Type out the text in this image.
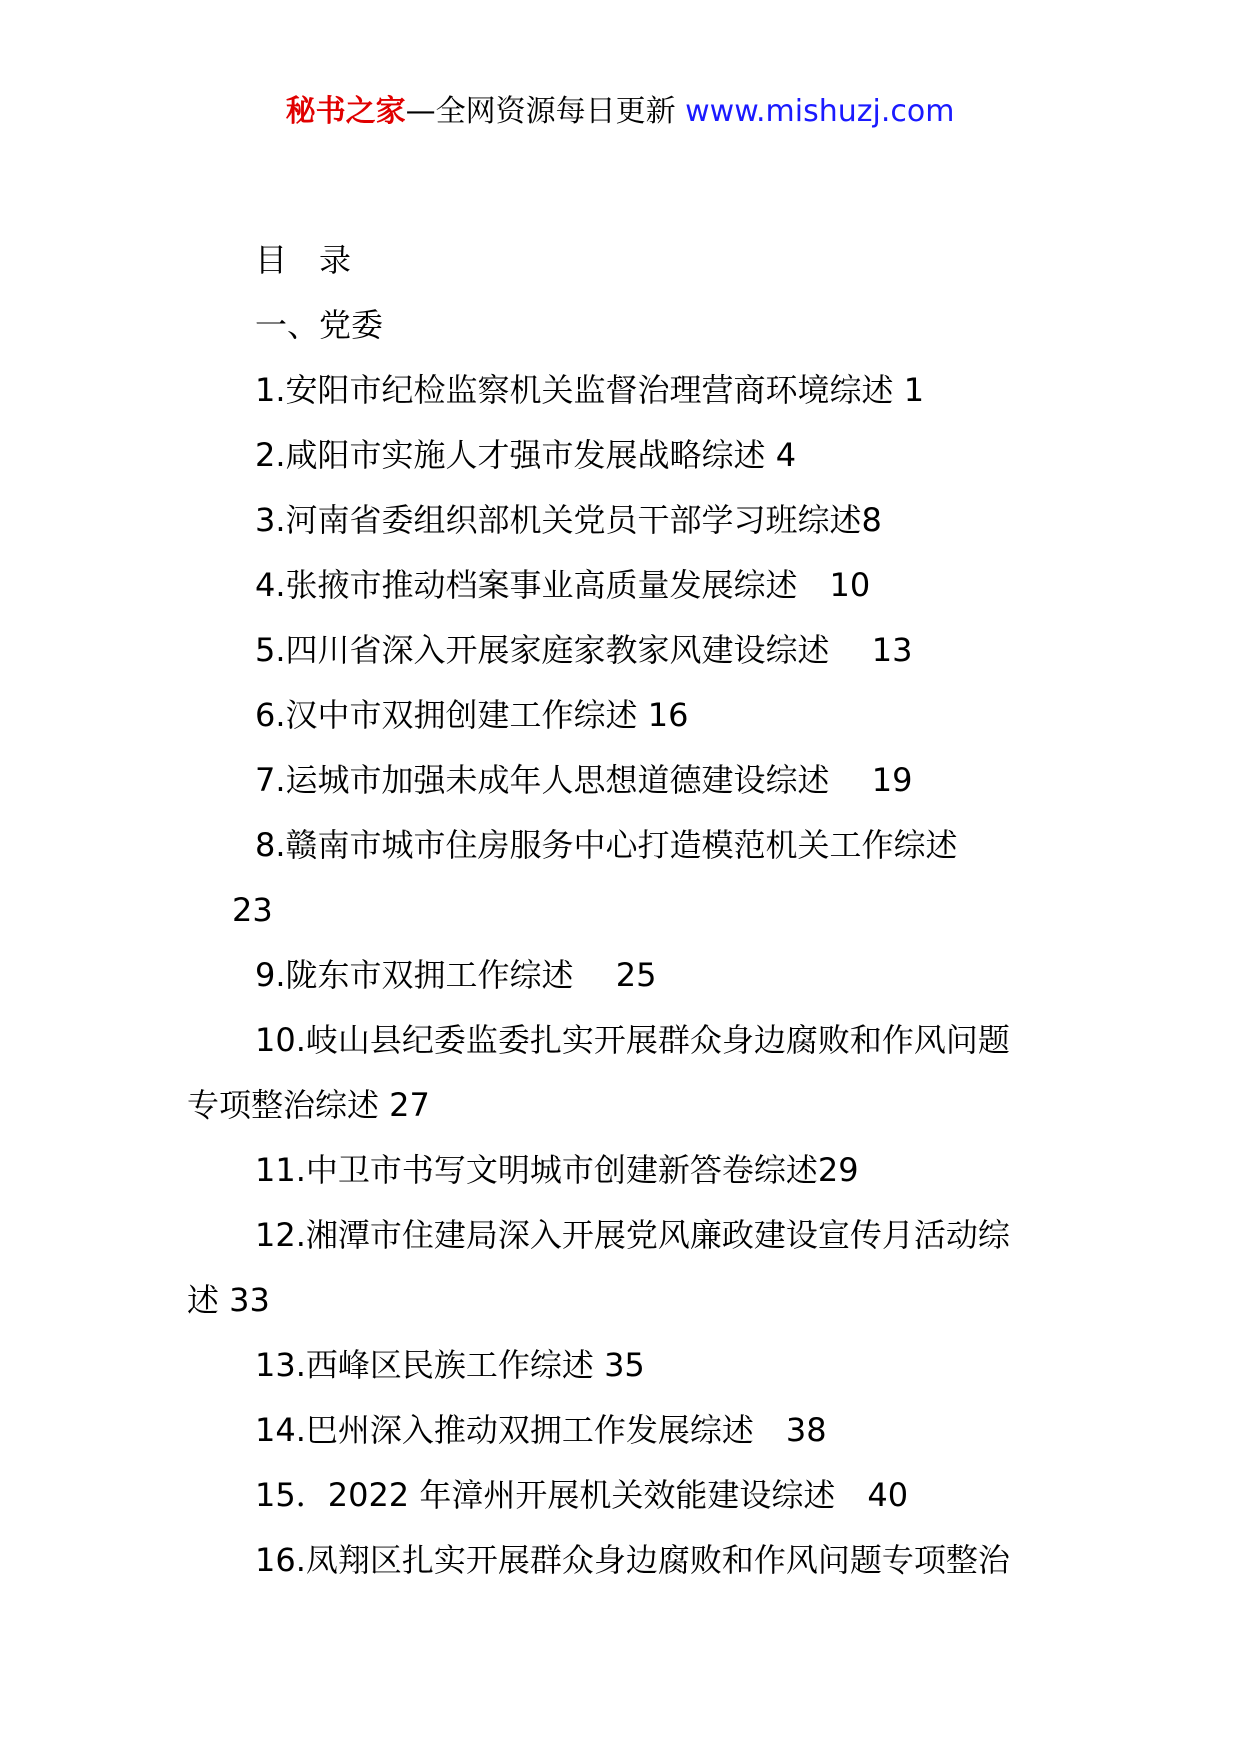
秘书之家—全网资源每日更新 www.mishuzj.com
目　录
一、党委
1.安阳市纪检监察机关监督治理营商环境综述 1
2.咸阳市实施人才强市发展战略综述 4
3.河南省委组织部机关党员干部学习班综述8
4.张掖市推动档案事业高质量发展综述　10
5.四川省深入开展家庭家教家风建设综述　 13
6.汉中市双拥创建工作综述 16
7.运城市加强未成年人思想道德建设综述　 19
8.赣南市城市住房服务中心打造模范机关工作综述
23
9.陇东市双拥工作综述　 25
10.岐山县纪委监委扎实开展群众身边腐败和作风问题
专项整治综述 27
11.中卫市书写文明城市创建新答卷综述29
12.湘潭市住建局深入开展党风廉政建设宣传月活动综
述 33
13.西峰区民族工作综述 35
14.巴州深入推动双拥工作发展综述　38
15．2022 年漳州开展机关效能建设综述　40
16.凤翔区扎实开展群众身边腐败和作风问题专项整治
